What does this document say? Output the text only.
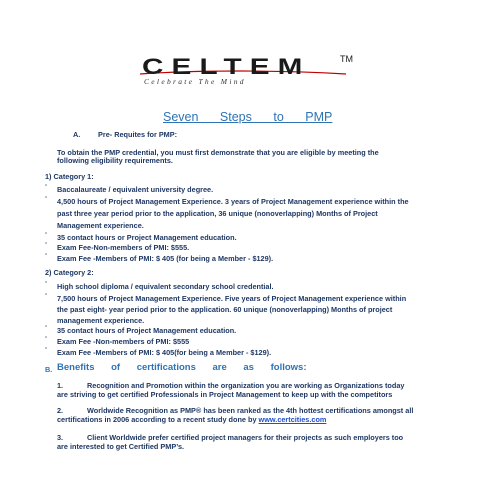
CELTEM	TM
Celebrate The Mind
Seven Steps to PMP
A. Pre- Requites for PMP:
To obtain the PMP credential, you must first demonstrate that you are eligible by meeting the
following eligibility requirements.
1) Category 1:
” Baccalaureate / equivalent university degree.
” 4,500 hours of Project Management Experience. 3 years of Project Management experience within the
past three year period prior to the application, 36 unique (nonoverlapping) Months of Project
Management experience.
” 35 contact hours or Project Management education.
” Exam Fee-Non-members of PMI: $555.
” Exam Fee -Members of PMI: $ 405 (for being a Member - $129).
2) Category 2:
” High school diploma / equivalent secondary school credential.
” 7,500 hours of Project Management Experience. Five years of Project Management experience within
the past eight- year period prior to the application. 60 unique (nonoverlapping) Months of project
management experience.
” 35 contact hours of Project Management education.
” Exam Fee -Non-members of PMI: $555
” Exam Fee -Members of PMI: $ 405(for being a Member - $129).
B. Benefits of certifications are as follows:
1.	Recognition and Promotion within the organization you are working as Organizations today
are striving to get certified Professionals in Project Management to keep up with the competitors
2.	Worldwide Recognition as PMP® has been ranked as the 4th hottest certifications amongst all
certifications in 2006 according to a recent study done by www.certcities.com
3.	Client Worldwide prefer certified project managers for their projects as such employers too
are interested to get Certified PMP’s.
